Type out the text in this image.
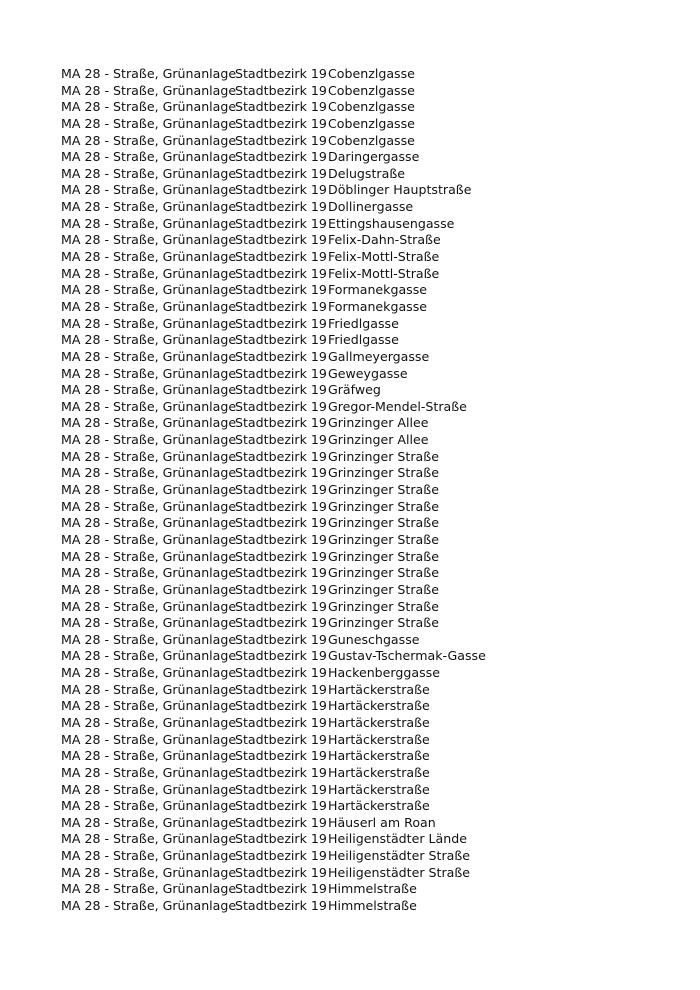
MA 28 - Straße, Grünanlage
Stadtbezirk 19 Cobenzlgasse
MA 28 - Straße, Grünanlage
Stadtbezirk 19 Cobenzlgasse
MA 28 - Straße, Grünanlage
Stadtbezirk 19 Cobenzlgasse
MA 28 - Straße, Grünanlage
Stadtbezirk 19 Cobenzlgasse
MA 28 - Straße, Grünanlage
Stadtbezirk 19 Cobenzlgasse
MA 28 - Straße, Grünanlage
Stadtbezirk 19 Daringergasse
MA 28 - Straße, Grünanlage
Stadtbezirk 19 Delugstraße
MA 28 - Straße, Grünanlage
Stadtbezirk 19 Döblinger Hauptstraße
MA 28 - Straße, Grünanlage
Stadtbezirk 19 Dollinergasse
MA 28 - Straße, Grünanlage
Stadtbezirk 19 Ettingshausengasse
MA 28 - Straße, Grünanlage
Stadtbezirk 19 Felix-Dahn-Straße
MA 28 - Straße, Grünanlage
Stadtbezirk 19 Felix-Mottl-Straße
MA 28 - Straße, Grünanlage
Stadtbezirk 19 Felix-Mottl-Straße
MA 28 - Straße, Grünanlage
Stadtbezirk 19 Formanekgasse
MA 28 - Straße, Grünanlage
Stadtbezirk 19 Formanekgasse
MA 28 - Straße, Grünanlage
Stadtbezirk 19 Friedlgasse
MA 28 - Straße, Grünanlage
Stadtbezirk 19 Friedlgasse
MA 28 - Straße, Grünanlage
Stadtbezirk 19 Gallmeyergasse
MA 28 - Straße, Grünanlage
Stadtbezirk 19 Geweygasse
MA 28 - Straße, Grünanlage
Stadtbezirk 19 Gräfweg
MA 28 - Straße, Grünanlage
Stadtbezirk 19 Gregor-Mendel-Straße
MA 28 - Straße, Grünanlage
Stadtbezirk 19 Grinzinger Allee
MA 28 - Straße, Grünanlage
Stadtbezirk 19 Grinzinger Allee
MA 28 - Straße, Grünanlage
Stadtbezirk 19 Grinzinger Straße
MA 28 - Straße, Grünanlage
Stadtbezirk 19 Grinzinger Straße
MA 28 - Straße, Grünanlage
Stadtbezirk 19 Grinzinger Straße
MA 28 - Straße, Grünanlage
Stadtbezirk 19 Grinzinger Straße
MA 28 - Straße, Grünanlage
Stadtbezirk 19 Grinzinger Straße
MA 28 - Straße, Grünanlage
Stadtbezirk 19 Grinzinger Straße
MA 28 - Straße, Grünanlage
Stadtbezirk 19 Grinzinger Straße
MA 28 - Straße, Grünanlage
Stadtbezirk 19 Grinzinger Straße
MA 28 - Straße, Grünanlage
Stadtbezirk 19 Grinzinger Straße
MA 28 - Straße, Grünanlage
Stadtbezirk 19 Grinzinger Straße
MA 28 - Straße, Grünanlage
Stadtbezirk 19 Grinzinger Straße
MA 28 - Straße, Grünanlage
Stadtbezirk 19 Guneschgasse
MA 28 - Straße, Grünanlage
Stadtbezirk 19 Gustav-Tschermak-Gasse
MA 28 - Straße, Grünanlage
Stadtbezirk 19 Hackenberggasse
MA 28 - Straße, Grünanlage
Stadtbezirk 19 Hartäckerstraße
MA 28 - Straße, Grünanlage
Stadtbezirk 19 Hartäckerstraße
MA 28 - Straße, Grünanlage
Stadtbezirk 19 Hartäckerstraße
MA 28 - Straße, Grünanlage
Stadtbezirk 19 Hartäckerstraße
MA 28 - Straße, Grünanlage
Stadtbezirk 19 Hartäckerstraße
MA 28 - Straße, Grünanlage
Stadtbezirk 19 Hartäckerstraße
MA 28 - Straße, Grünanlage
Stadtbezirk 19 Hartäckerstraße
MA 28 - Straße, Grünanlage
Stadtbezirk 19 Hartäckerstraße
MA 28 - Straße, Grünanlage
Stadtbezirk 19 Häuserl am Roan
MA 28 - Straße, Grünanlage
Stadtbezirk 19 Heiligenstädter Lände
MA 28 - Straße, Grünanlage
Stadtbezirk 19 Heiligenstädter Straße
MA 28 - Straße, Grünanlage
Stadtbezirk 19 Heiligenstädter Straße
MA 28 - Straße, Grünanlage
Stadtbezirk 19 Himmelstraße
MA 28 - Straße, Grünanlage
Stadtbezirk 19 Himmelstraße
